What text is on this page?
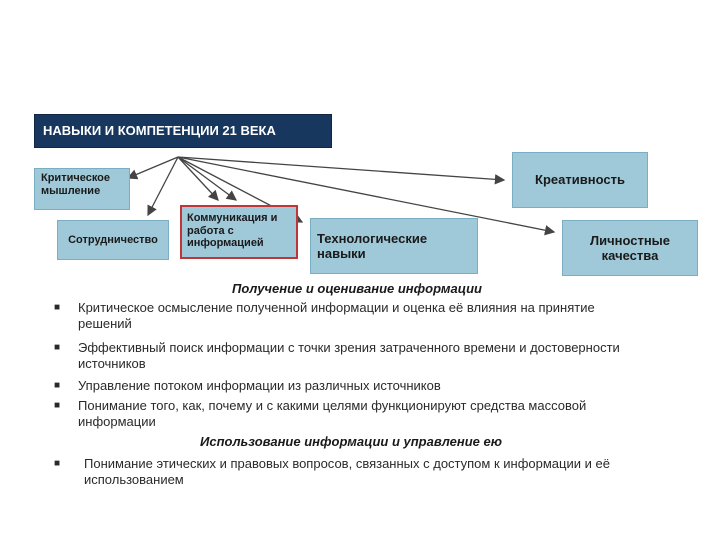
НАВЫКИ И КОМПЕТЕНЦИИ 21 ВЕКА
Критическое мышление
Креативность
Сотрудничество
Коммуникация и работа с информацией	Технологические навыки
Личностные качества
Получение и оценивание информации
■ Критическое осмысление полученной информации и оценка её влияния на принятие решений
■ Эффективный поиск информации с точки зрения затраченного времени и достоверности источников
■ Управление потоком информации из различных источников
■ Понимание того, как, почему и с какими целями функционируют средства массовой информации
Использование информации и управление ею
■ Понимание этических и правовых вопросов, связанных с доступом к информации и её использованием
